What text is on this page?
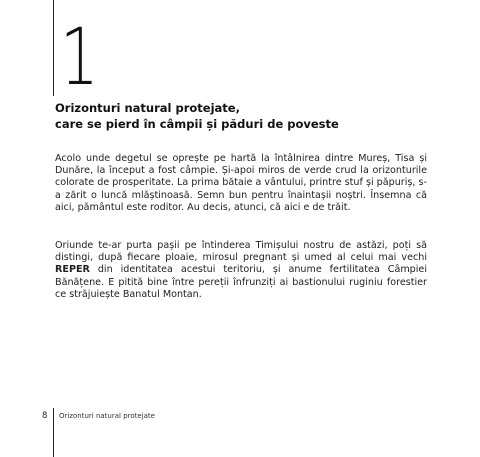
1
Orizonturi natural protejate,
care se pierd în câmpii și păduri de poveste

Acolo unde degetul se oprește pe hartă la întâlnirea dintre Mureș, Tisa și Dunăre, la început a fost câmpie. Și-apoi miros de verde crud la orizonturile colorate de prosperitate. La prima bătaie a vântului, printre stuf și păpuriș, s-a zărit o luncă mlăștinoasă. Semn bun pentru înaintașii noștri. Însemna că aici, pământul este roditor. Au decis, atunci, că aici e de trăit.

Oriunde te-ar purta pașii pe întinderea Timișului nostru de astăzi, poți să distingi, după fiecare ploaie, mirosul pregnant și umed al celui mai vechi REPER din identitatea acestui teritoriu, și anume fertilitatea Câmpiei Bănățene. E pitită bine între pereții înfrunziți ai bastionului ruginiu forestier ce străjuiește Banatul Montan.

8 Orizonturi natural protejate
